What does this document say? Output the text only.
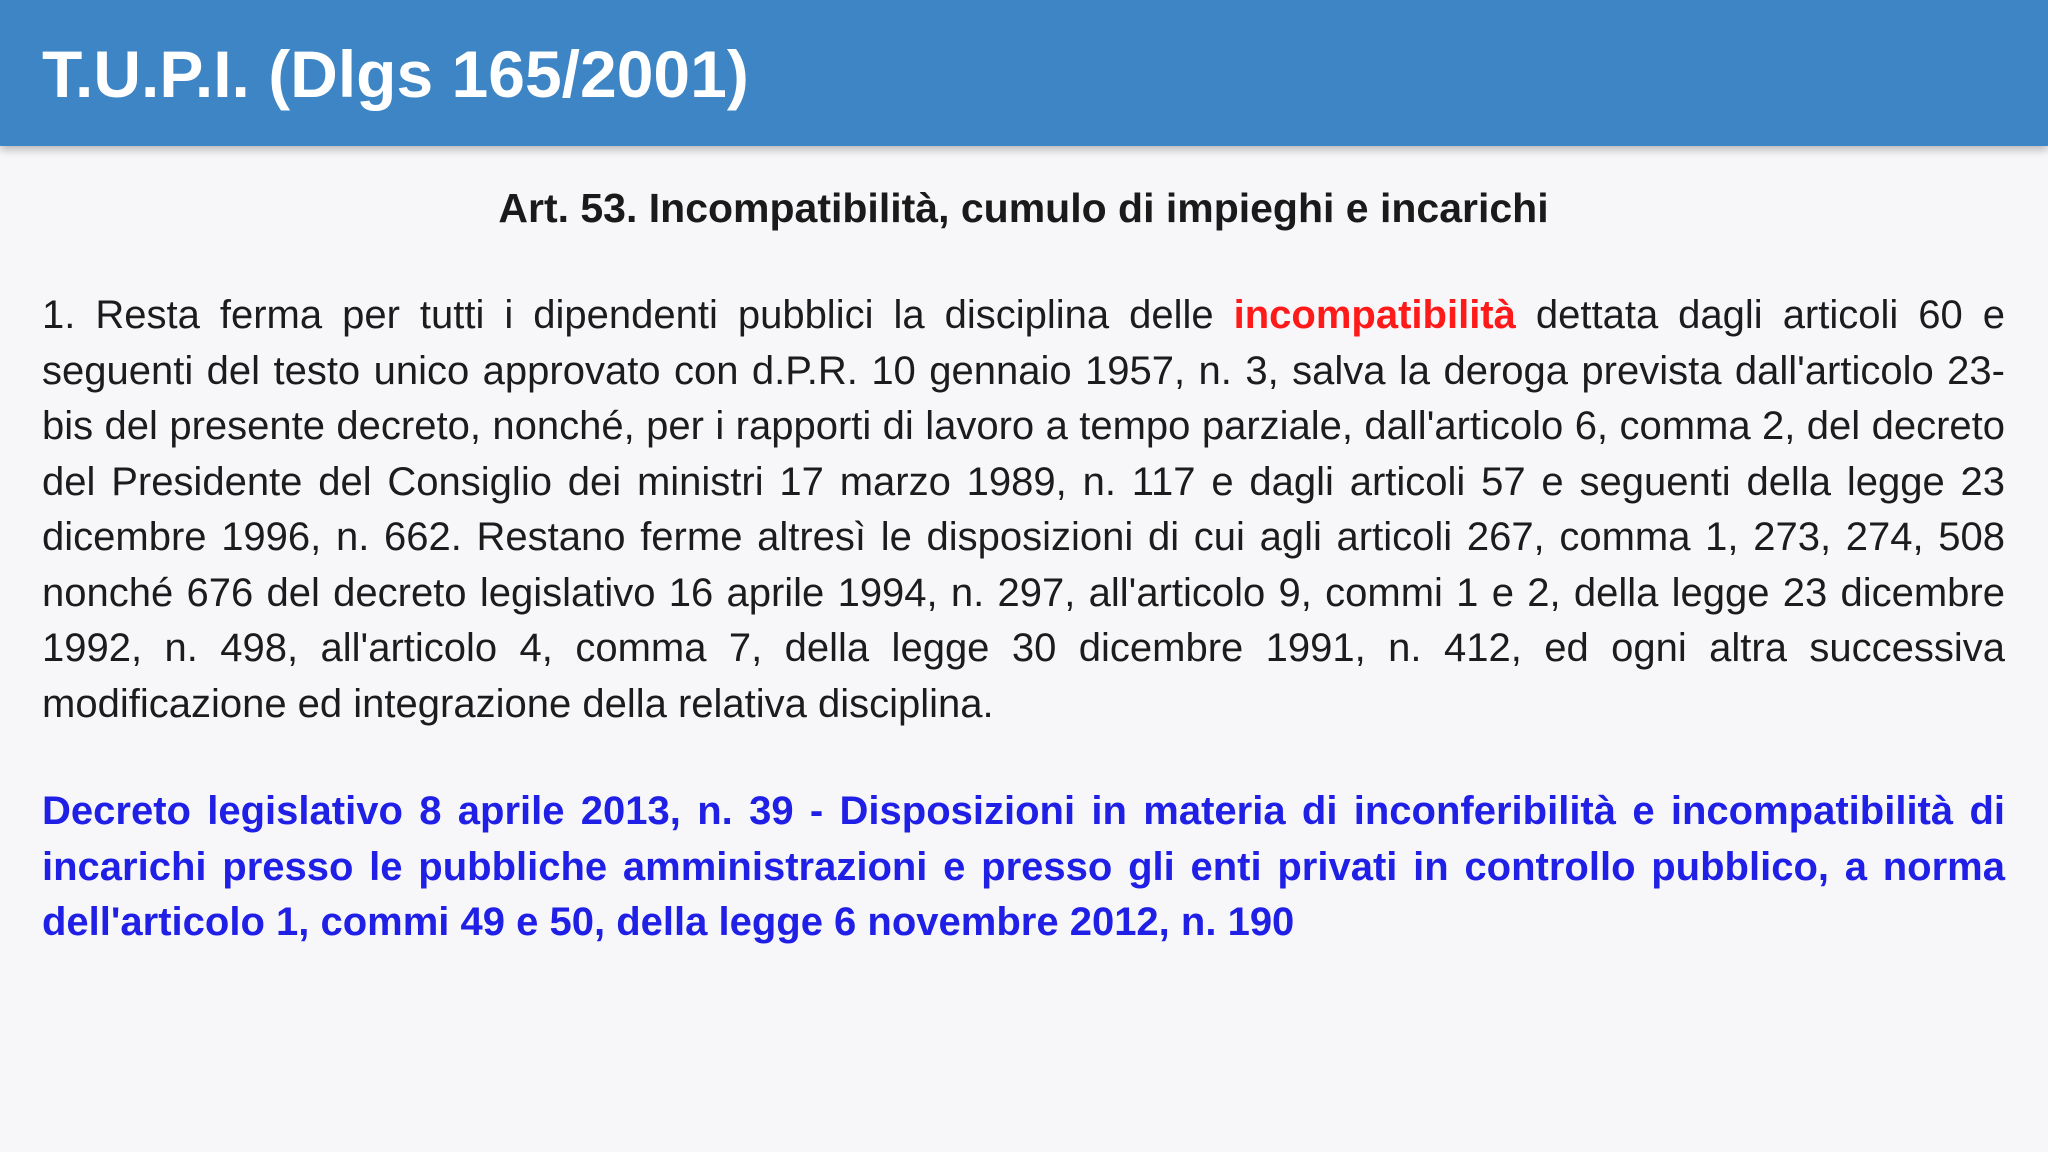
T.U.P.I. (Dlgs 165/2001)
Art. 53. Incompatibilità, cumulo di impieghi e incarichi

1. Resta ferma per tutti i dipendenti pubblici la disciplina delle incompatibilità dettata dagli articoli 60 e seguenti del testo unico approvato con d.P.R. 10 gennaio 1957, n. 3, salva la deroga prevista dall'articolo 23-bis del presente decreto, nonché, per i rapporti di lavoro a tempo parziale, dall'articolo 6, comma 2, del decreto del Presidente del Consiglio dei ministri 17 marzo 1989, n. 117 e dagli articoli 57 e seguenti della legge 23 dicembre 1996, n. 662. Restano ferme altresì le disposizioni di cui agli articoli 267, comma 1, 273, 274, 508 nonché 676 del decreto legislativo 16 aprile 1994, n. 297, all'articolo 9, commi 1 e 2, della legge 23 dicembre 1992, n. 498, all'articolo 4, comma 7, della legge 30 dicembre 1991, n. 412, ed ogni altra successiva modificazione ed integrazione della relativa disciplina.

Decreto legislativo 8 aprile 2013, n. 39 - Disposizioni in materia di inconferibilità e incompatibilità di incarichi presso le pubbliche amministrazioni e presso gli enti privati in controllo pubblico, a norma dell'articolo 1, commi 49 e 50, della legge 6 novembre 2012, n. 190
